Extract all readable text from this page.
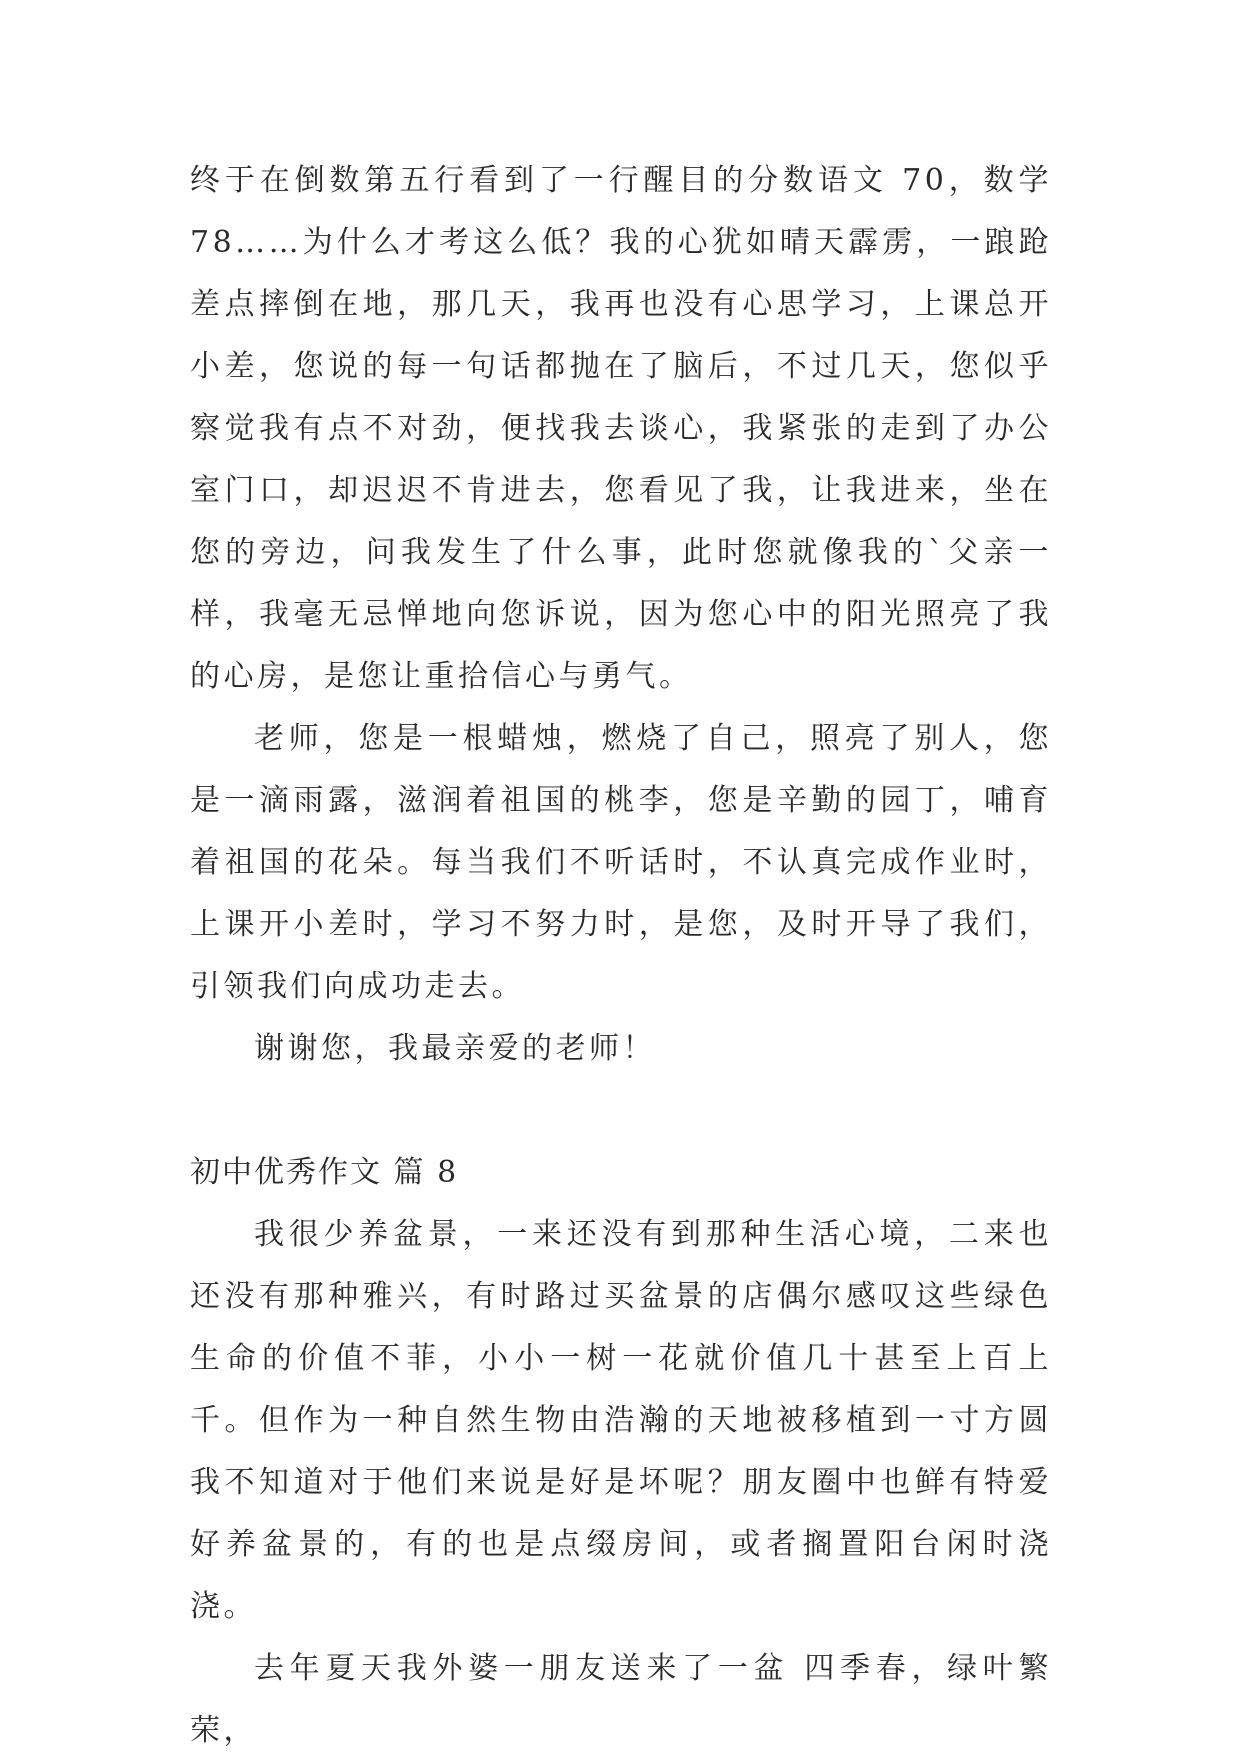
终于在倒数第五行看到了一行醒目的分数语文 70，数学 78……为什么才考这么低？我的心犹如晴天霹雳，一踉跄差点摔倒在地，那几天，我再也没有心思学习，上课总开小差，您说的每一句话都抛在了脑后，不过几天，您似乎察觉我有点不对劲，便找我去谈心，我紧张的走到了办公室门口，却迟迟不肯进去，您看见了我，让我进来，坐在您的旁边，问我发生了什么事，此时您就像我的`父亲一样，我毫无忌惮地向您诉说，因为您心中的阳光照亮了我的心房，是您让重拾信心与勇气。

老师，您是一根蜡烛，燃烧了自己，照亮了别人，您是一滴雨露，滋润着祖国的桃李，您是辛勤的园丁，哺育着祖国的花朵。每当我们不听话时，不认真完成作业时，上课开小差时，学习不努力时，是您，及时开导了我们，引领我们向成功走去。

谢谢您，我最亲爱的老师！

初中优秀作文 篇 8

我很少养盆景，一来还没有到那种生活心境，二来也还没有那种雅兴，有时路过买盆景的店偶尔感叹这些绿色生命的价值不菲，小小一树一花就价值几十甚至上百上千。但作为一种自然生物由浩瀚的天地被移植到一寸方圆我不知道对于他们来说是好是坏呢？朋友圈中也鲜有特爱好养盆景的，有的也是点缀房间，或者搁置阳台闲时浇浇。

去年夏天我外婆一朋友送来了一盆 四季春，绿叶繁荣，
